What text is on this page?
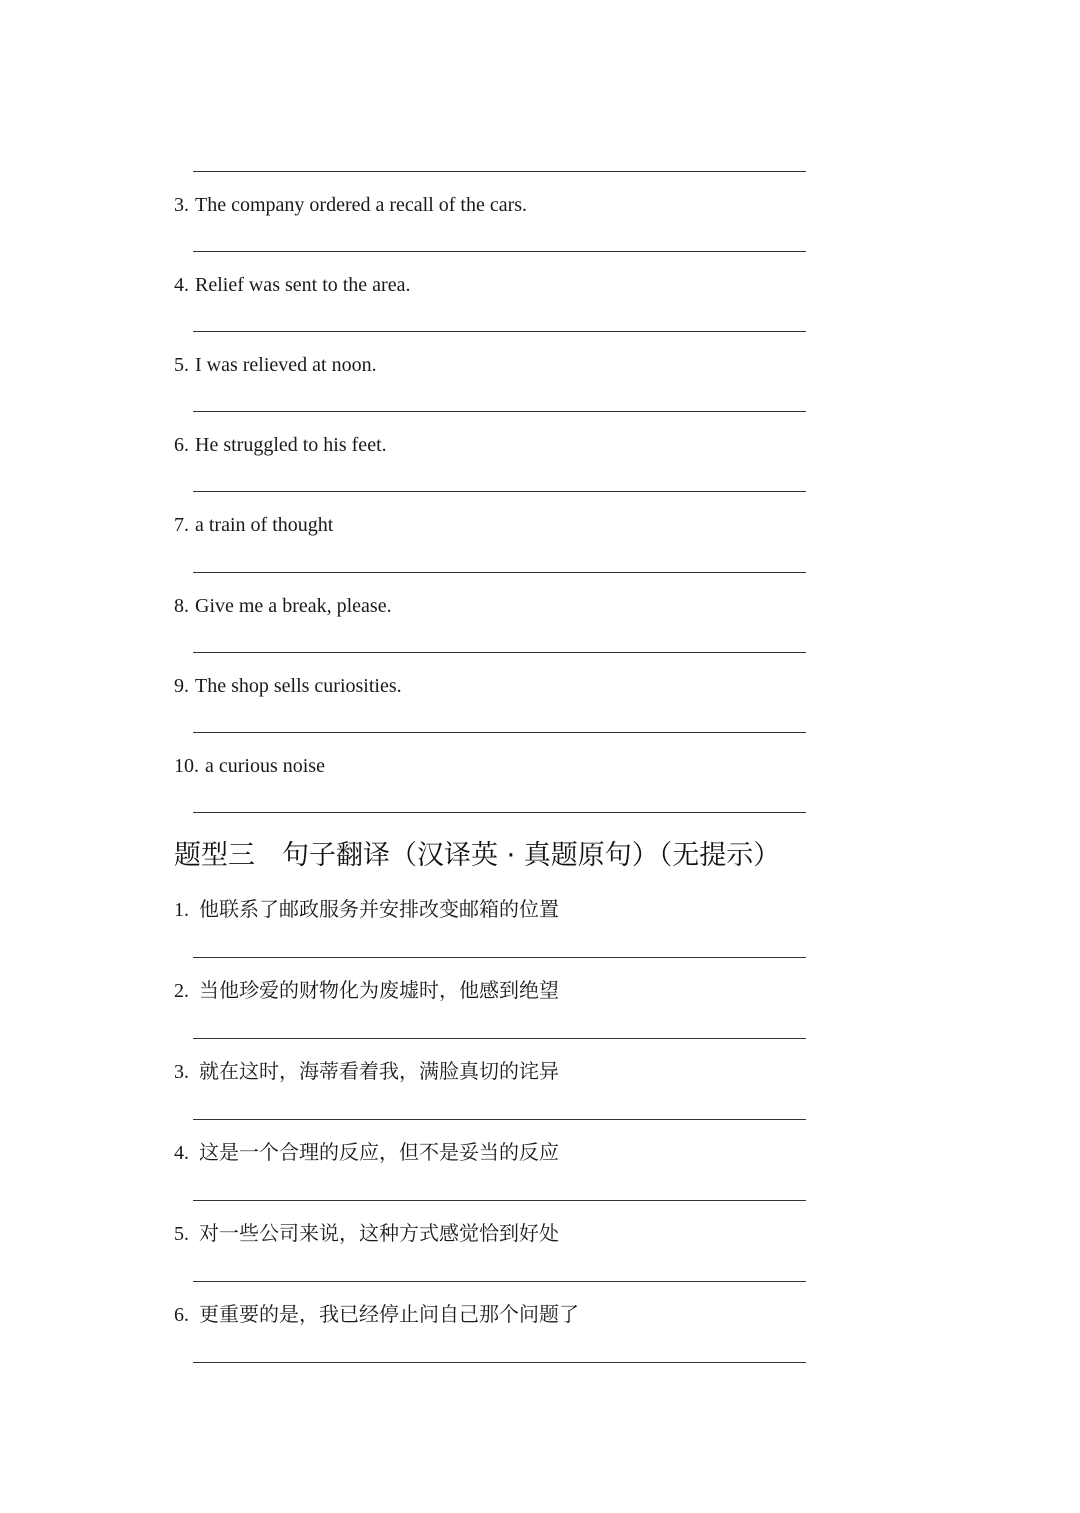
3. The company ordered a recall of the cars.
4. Relief was sent to the area.
5. I was relieved at noon.
6. He struggled to his feet.
7. a train of thought
8. Give me a break, please.
9. The shop sells curiosities.
10. a curious noise
题型三　句子翻译（汉译英 · 真题原句）（无提示）
1. 他联系了邮政服务并安排改变邮箱的位置
2. 当他珍爱的财物化为废墟时，他感到绝望
3. 就在这时，海蒂看着我，满脸真切的诧异
4. 这是一个合理的反应，但不是妥当的反应
5. 对一些公司来说，这种方式感觉恰到好处
6. 更重要的是，我已经停止问自己那个问题了
